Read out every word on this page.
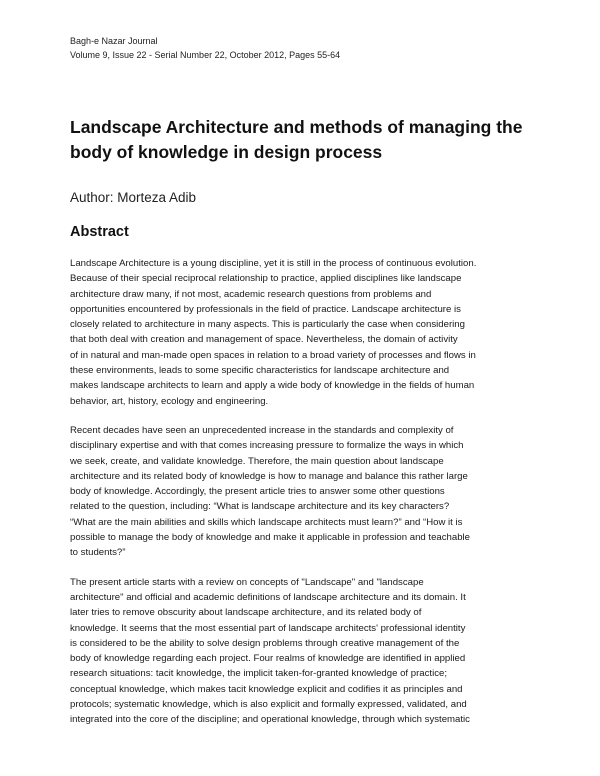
Bagh-e Nazar Journal
Volume 9, Issue 22 - Serial Number 22, October 2012, Pages 55-64
Landscape Architecture and methods of managing the
body of knowledge in design process
Author: Morteza Adib
Abstract

Landscape Architecture is a young discipline, yet it is still in the process of continuous evolution.
Because of their special reciprocal relationship to practice, applied disciplines like landscape
architecture draw many, if not most, academic research questions from problems and
opportunities encountered by professionals in the field of practice. Landscape architecture is
closely related to architecture in many aspects. This is particularly the case when considering
that both deal with creation and management of space. Nevertheless, the domain of activity
of in natural and man-made open spaces in relation to a broad variety of processes and flows in
these environments, leads to some specific characteristics for landscape architecture and
makes landscape architects to learn and apply a wide body of knowledge in the fields of human
behavior, art, history, ecology and engineering.

Recent decades have seen an unprecedented increase in the standards and complexity of
disciplinary expertise and with that comes increasing pressure to formalize the ways in which
we seek, create, and validate knowledge. Therefore, the main question about landscape
architecture and its related body of knowledge is how to manage and balance this rather large
body of knowledge. Accordingly, the present article tries to answer some other questions
related to the question, including: “What is landscape architecture and its key characters?
“What are the main abilities and skills which landscape architects must learn?” and “How it is
possible to manage the body of knowledge and make it applicable in profession and teachable
to students?”

The present article starts with a review on concepts of "Landscape" and "landscape
architecture" and official and academic definitions of landscape architecture and its domain. It
later tries to remove obscurity about landscape architecture, and its related body of
knowledge. It seems that the most essential part of landscape architects' professional identity
is considered to be the ability to solve design problems through creative management of the
body of knowledge regarding each project. Four realms of knowledge are identified in applied
research situations: tacit knowledge, the implicit taken-for-granted knowledge of practice;
conceptual knowledge, which makes tacit knowledge explicit and codifies it as principles and
protocols; systematic knowledge, which is also explicit and formally expressed, validated, and
integrated into the core of the discipline; and operational knowledge, through which systematic
